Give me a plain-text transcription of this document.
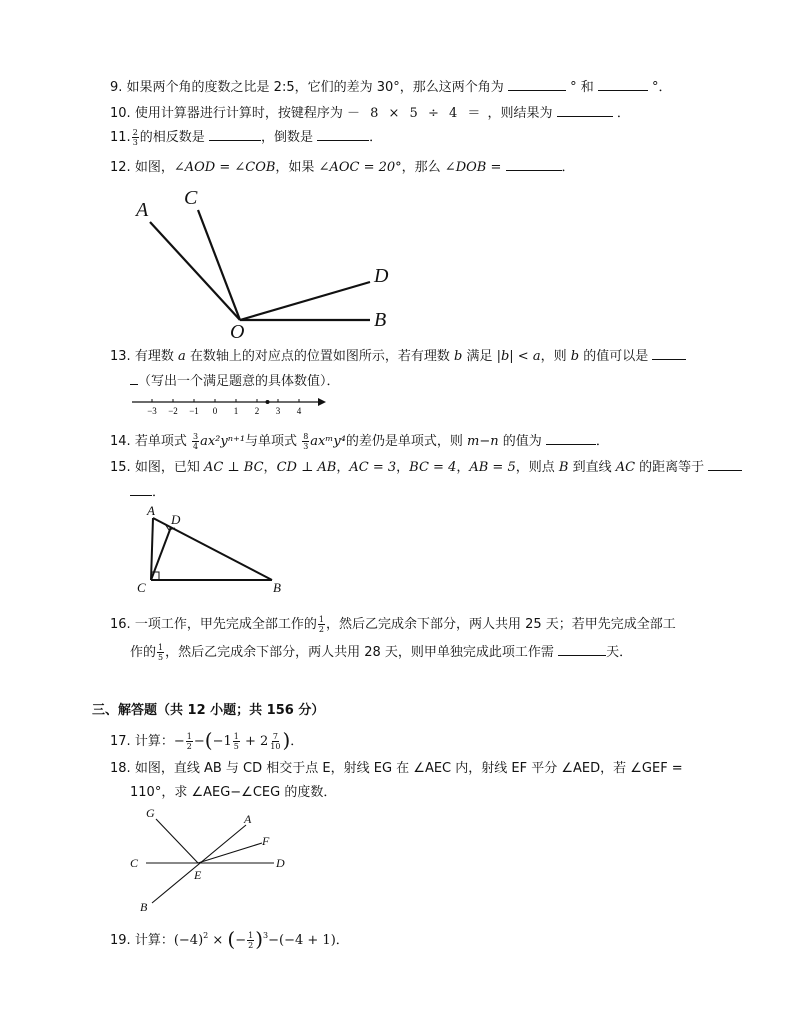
9. 如果两个角的度数之比是 2:5，它们的差为 30°，那么这两个角为	° 和	°．
10. 使用计算器进行计算时，按键程序为 － 8 × 5 ÷ 4 ＝ ，则结果为	．
11. $\frac{2}{3}$ 的相反数是	，倒数是	．
12. 如图，∠AOD = ∠COB，如果 ∠AOC = 20°，那么 ∠DOB =	．
A
C
D
O
B
13. 有理数 a 在数轴上的对应点的位置如图所示，若有理数 b 满足 |b| < a，则 b 的值可以是
（写出一个满足题意的具体数值）．
−3 −2 −1 0 1 2 3 4
14. 若单项式 $\frac{3}{4} ax^2y^{n+1}$与单项式 $\frac{8}{3}$ axᵐy⁴的差仍是单项式，则 m−n 的值为	．
15. 如图，已知 AC ⊥ BC，CD ⊥ AB，AC = 3，BC = 4，AB = 5，则点 B 到直线 AC 的距离等于
．
A
D
C	B
16. 一项工作，甲先完成全部工作的 $\frac{1}{2}$ ，然后乙完成余下部分，两人共用 25 天；若甲先完成全部工
作的 $\frac{1}{5}$ ，然后乙完成余下部分，两人共用 28 天，则甲单独完成此项工作需	天．
三、解答题（共 12 小题；共 156 分）
17. 计算：− $\frac{1}{2} -(-1 \frac{1}{5} + 2 \frac{7}{10}$ )．
18. 如图，直线 AB 与 CD 相交于点 E，射线 EG 在 ∠AEC 内，射线 EF 平分 ∠AED，若 ∠GEF =
110°，求 ∠AEG−∠CEG 的度数．
G	A
F
C	D
E
B
19. 计算：$(-4)^2$ × (− $\frac{1}{2} )^3-(-4 + 1)$．
